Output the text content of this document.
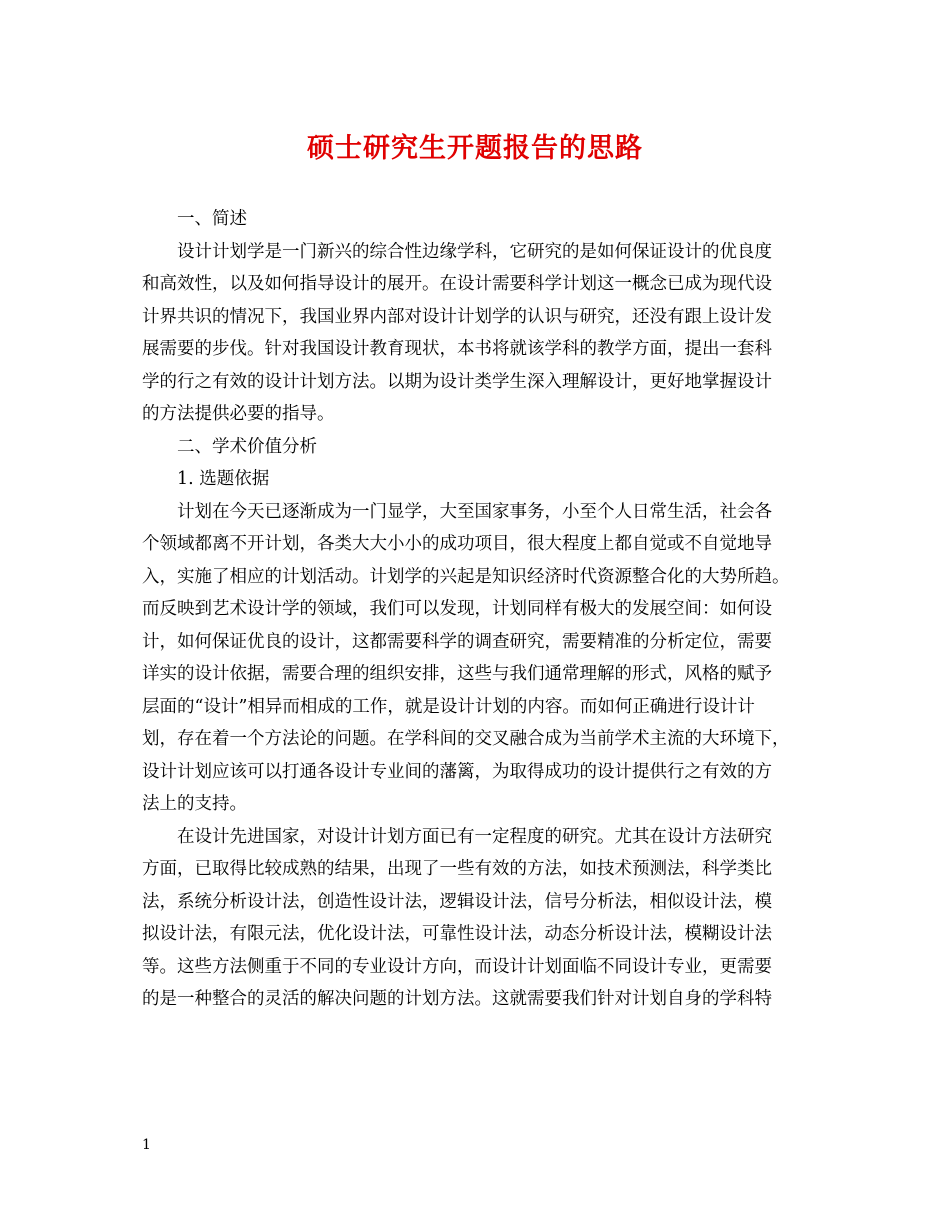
硕士研究生开题报告的思路
一、简述
设计计划学是一门新兴的综合性边缘学科，它研究的是如何保证设计的优良度
和高效性，以及如何指导设计的展开。在设计需要科学计划这一概念已成为现代设
计界共识的情况下，我国业界内部对设计计划学的认识与研究，还没有跟上设计发
展需要的步伐。针对我国设计教育现状，本书将就该学科的教学方面，提出一套科
学的行之有效的设计计划方法。以期为设计类学生深入理解设计，更好地掌握设计
的方法提供必要的指导。
二、学术价值分析
1. 选题依据
计划在今天已逐渐成为一门显学，大至国家事务，小至个人日常生活，社会各
个领域都离不开计划，各类大大小小的成功项目，很大程度上都自觉或不自觉地导
入，实施了相应的计划活动。计划学的兴起是知识经济时代资源整合化的大势所趋。
而反映到艺术设计学的领域，我们可以发现，计划同样有极大的发展空间：如何设
计，如何保证优良的设计，这都需要科学的调查研究，需要精准的分析定位，需要
详实的设计依据，需要合理的组织安排，这些与我们通常理解的形式，风格的赋予
层面的“设计”相异而相成的工作，就是设计计划的内容。而如何正确进行设计计
划，存在着一个方法论的问题。在学科间的交叉融合成为当前学术主流的大环境下，
设计计划应该可以打通各设计专业间的藩篱，为取得成功的设计提供行之有效的方
法上的支持。
在设计先进国家，对设计计划方面已有一定程度的研究。尤其在设计方法研究
方面，已取得比较成熟的结果，出现了一些有效的方法，如技术预测法，科学类比
法，系统分析设计法，创造性设计法，逻辑设计法，信号分析法，相似设计法，模
拟设计法，有限元法，优化设计法，可靠性设计法，动态分析设计法，模糊设计法
等。这些方法侧重于不同的专业设计方向，而设计计划面临不同设计专业，更需要
的是一种整合的灵活的解决问题的计划方法。这就需要我们针对计划自身的学科特
1
